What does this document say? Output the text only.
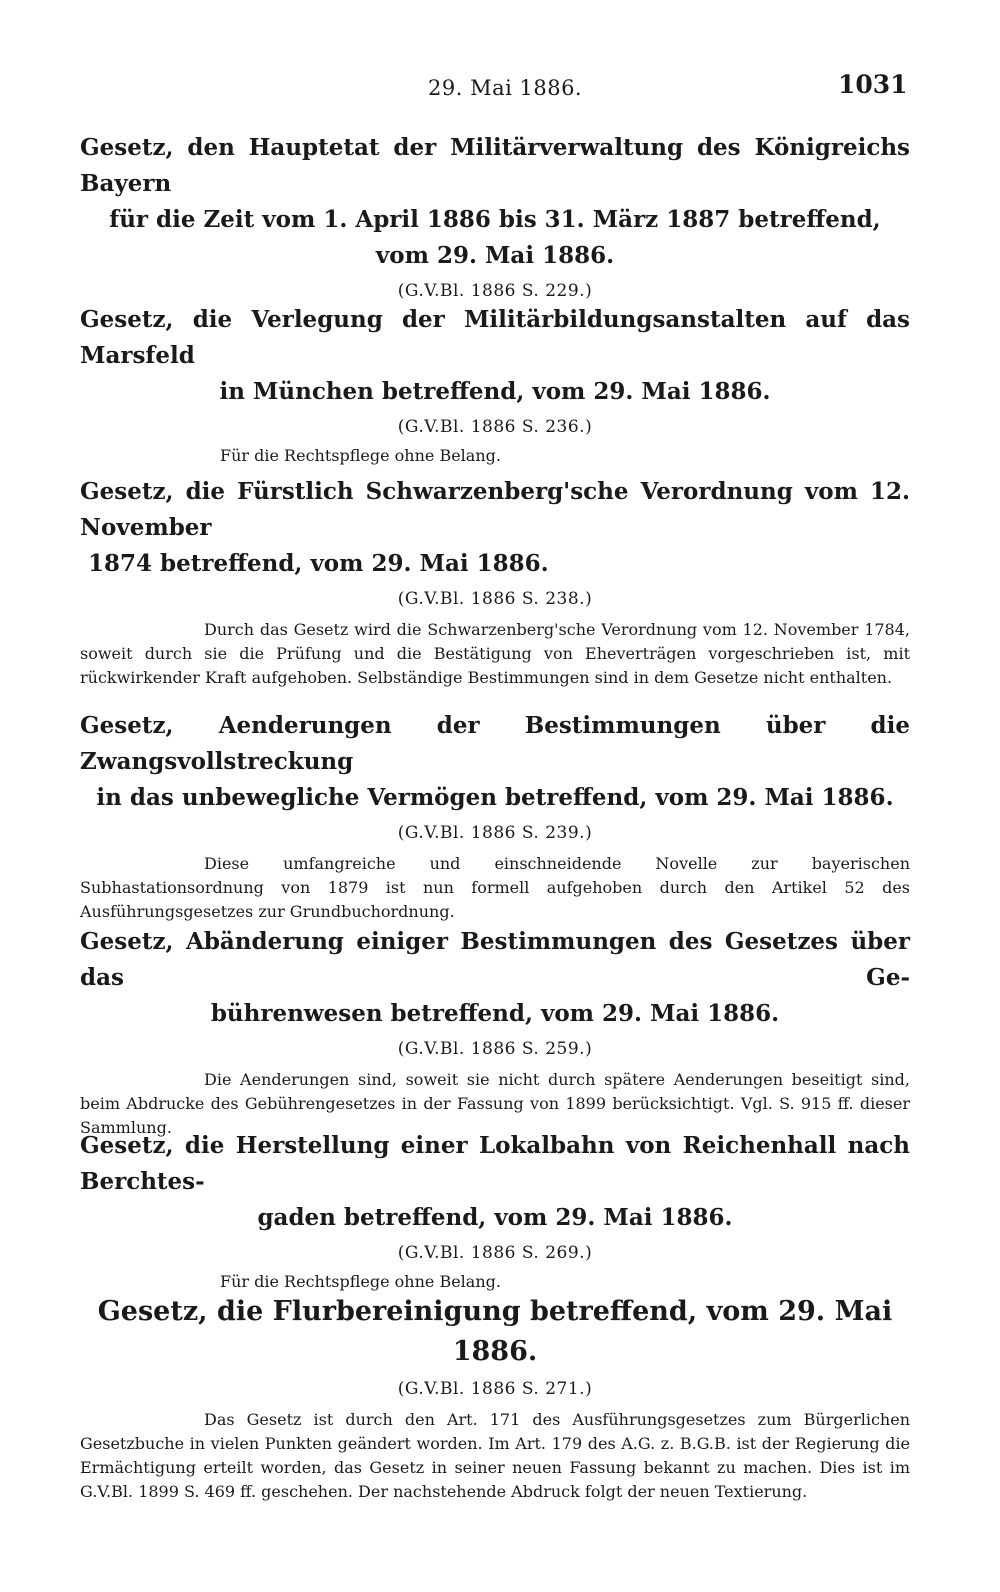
29. Mai 1886.	1031

Gesetz, den Hauptetat der Militärverwaltung des Königreichs Bayern
für die Zeit vom 1. April 1886 bis 31. März 1887 betreffend,
vom 29. Mai 1886.

(G.V.Bl. 1886 S. 229.)

Gesetz, die Verlegung der Militärbildungsanstalten auf das Marsfeld
in München betreffend, vom 29. Mai 1886.

(G.V.Bl. 1886 S. 236.)
Für die Rechtspflege ohne Belang.

Gesetz, die Fürstlich Schwarzenberg'sche Verordnung vom 12. November
1874 betreffend, vom 29. Mai 1886.

(G.V.Bl. 1886 S. 238.)
Durch das Gesetz wird die Schwarzenberg'sche Verordnung vom 12. November 1784, soweit durch sie die Prüfung und die Bestätigung von Eheverträgen vorgeschrieben ist, mit rückwirkender Kraft aufgehoben. Selbständige Bestimmungen sind in dem Gesetze nicht enthalten.

Gesetz, Aenderungen der Bestimmungen über die Zwangsvollstreckung
in das unbewegliche Vermögen betreffend, vom 29. Mai 1886.

(G.V.Bl. 1886 S. 239.)
Diese umfangreiche und einschneidende Novelle zur bayerischen Subhastationsordnung von 1879 ist nun formell aufgehoben durch den Artikel 52 des Ausführungsgesetzes zur Grundbuchordnung.

Gesetz, Abänderung einiger Bestimmungen des Gesetzes über das Ge-
bührenwesen betreffend, vom 29. Mai 1886.

(G.V.Bl. 1886 S. 259.)
Die Aenderungen sind, soweit sie nicht durch spätere Aenderungen beseitigt sind, beim Abdrucke des Gebührengesetzes in der Fassung von 1899 berücksichtigt. Vgl. S. 915 ff. dieser Sammlung.

Gesetz, die Herstellung einer Lokalbahn von Reichenhall nach Berchtes-
gaden betreffend, vom 29. Mai 1886.

(G.V.Bl. 1886 S. 269.)
Für die Rechtspflege ohne Belang.

Gesetz, die Flurbereinigung betreffend, vom 29. Mai 1886.

(G.V.Bl. 1886 S. 271.)
Das Gesetz ist durch den Art. 171 des Ausführungsgesetzes zum Bürgerlichen Gesetzbuche in vielen Punkten geändert worden. Im Art. 179 des A.G. z. B.G.B. ist der Regierung die Ermächtigung erteilt worden, das Gesetz in seiner neuen Fassung bekannt zu machen. Dies ist im G.V.Bl. 1899 S. 469 ff. geschehen. Der nachstehende Abdruck folgt der neuen Textierung.
